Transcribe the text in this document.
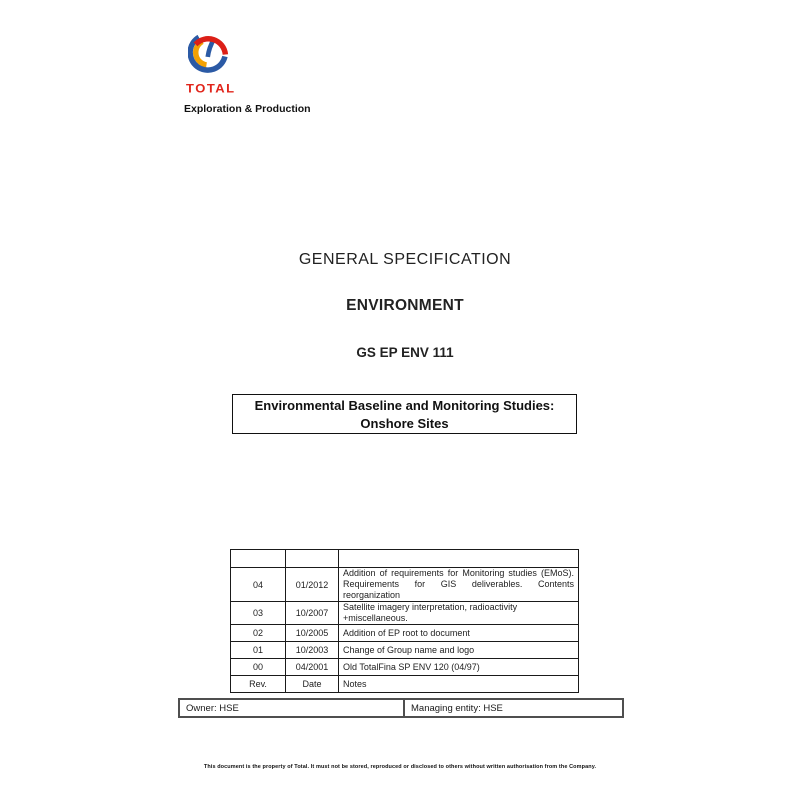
TOTAL
Exploration & Production
GENERAL SPECIFICATION
ENVIRONMENT
GS EP ENV 111
Environmental Baseline and Monitoring Studies:
Onshore Sites

04	01/2012	Addition of requirements for Monitoring studies (EMoS). Requirements for GIS deliverables. Contents reorganization
03	10/2007	Satellite imagery interpretation, radioactivity +miscellaneous.
02	10/2005	Addition of EP root to document
01	10/2003	Change of Group name and logo
00	04/2001	Old TotalFina SP ENV 120 (04/97)
Rev.	Date	Notes
Owner: HSE	Managing entity: HSE
This document is the property of Total. It must not be stored, reproduced or disclosed to others without written authorisation from the Company.
